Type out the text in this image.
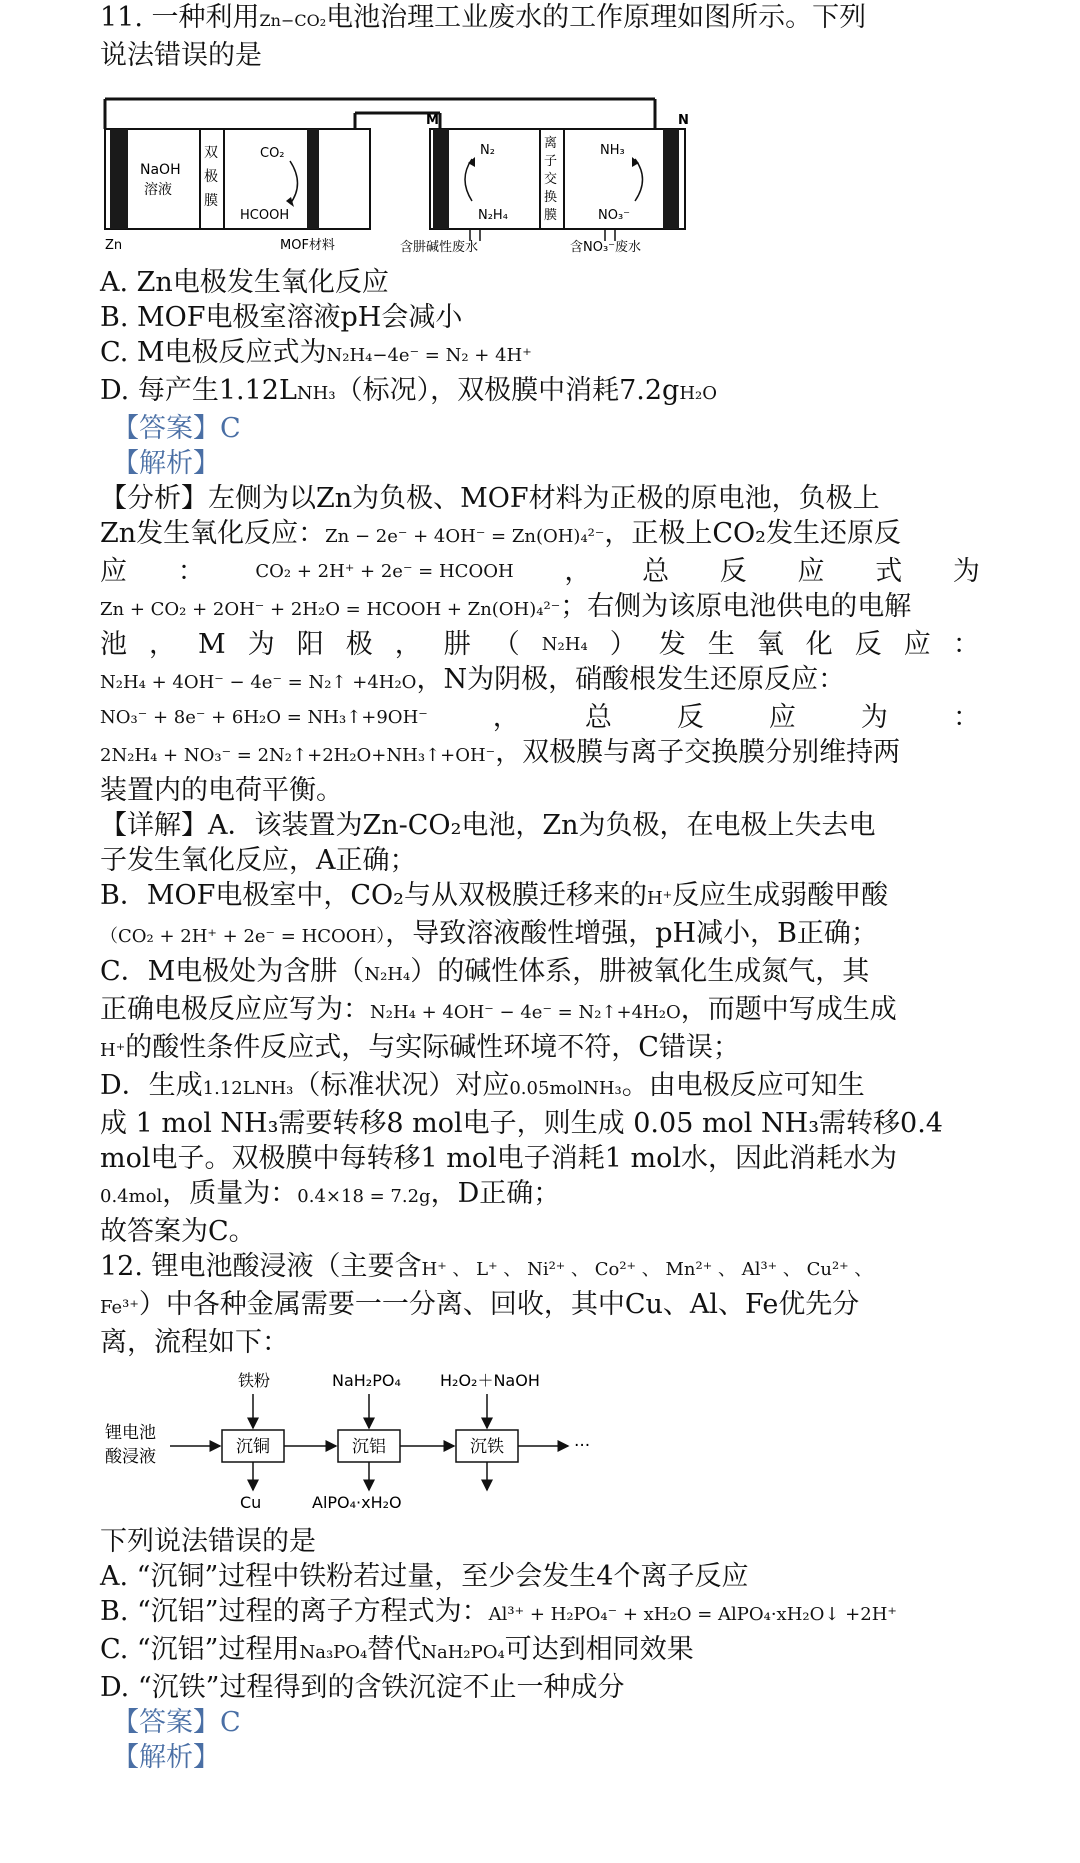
11. 一种利用Zn−CO₂电池治理工业废水的工作原理如图所示。下列
说法错误的是
NaOH
溶液
双
极
膜
CO₂
HCOOH
Zn	MOF材料
M	N
N₂
N₂H₄
离
子
交
换
膜
NH₃
NO₃⁻
含肼碱性废水	含NO₃⁻废水
A. Zn电极发生氧化反应
B. MOF电极室溶液pH会减小
C. M电极反应式为N₂H₄−4e⁻ = N₂ + 4H⁺
D. 每产生1.12LNH₃（标况），双极膜中消耗7.2gH₂O
【答案】C
【解析】
【分析】左侧为以Zn为负极、MOF材料为正极的原电池，负极上
Zn发生氧化反应：Zn − 2e⁻ + 4OH⁻ = Zn(OH)₄²⁻，正极上CO₂发生还原反
应 ：	CO₂ + 2H⁺ + 2e⁻ = HCOOH ， 总 反 应 式 为
Zn + CO₂ + 2OH⁻ + 2H₂O = HCOOH + Zn(OH)₄²⁻；右侧为该原电池供电的电解
池 ， M 为 阳 极 ， 肼 （ N₂H₄ ） 发 生 氧 化 反 应 ：
N₂H₄ + 4OH⁻ − 4e⁻ = N₂↑ +4H₂O，N为阴极，硝酸根发生还原反应：
NO₃⁻ + 8e⁻ + 6H₂O = NH₃↑+9OH⁻ ， 总 反 应 为 ：
2N₂H₄ + NO₃⁻ = 2N₂↑+2H₂O+NH₃↑+OH⁻，双极膜与离子交换膜分别维持两
装置内的电荷平衡。
【详解】A．该装置为Zn-CO₂电池，Zn为负极，在电极上失去电
子发生氧化反应，A正确；
B．MOF电极室中，CO₂与从双极膜迁移来的H⁺反应生成弱酸甲酸
（CO₂ + 2H⁺ + 2e⁻ = HCOOH），导致溶液酸性增强，pH减小，B正确；
C．M电极处为含肼（N₂H₄）的碱性体系，肼被氧化生成氮气，其
正确电极反应应写为：N₂H₄ + 4OH⁻ − 4e⁻ = N₂↑+4H₂O，而题中写成生成
H⁺的酸性条件反应式，与实际碱性环境不符，C错误；
D．生成1.12LNH₃（标准状况）对应0.05molNH₃。由电极反应可知生
成 1 mol NH₃需要转移8 mol电子，则生成 0.05 mol NH₃需转移0.4
mol电子。双极膜中每转移1 mol电子消耗1 mol水，因此消耗水为
0.4mol，质量为：0.4×18 = 7.2g，D正确；
故答案为C。
12. 锂电池酸浸液（主要含H⁺ 、 L⁺ 、 Ni²⁺ 、 Co²⁺ 、 Mn²⁺ 、 Al³⁺ 、 Cu²⁺ 、
Fe³⁺）中各种金属需要一一分离、回收，其中Cu、Al、Fe优先分
离，流程如下：
锂电池
酸浸液	沉铜	沉铝	沉铁	···
铁粉	NaH₂PO₄ H₂O₂＋NaOH
Cu	AlPO₄·xH₂O
下列说法错误的是
A. “沉铜”过程中铁粉若过量，至少会发生4个离子反应
B. “沉铝”过程的离子方程式为：Al³⁺ + H₂PO₄⁻ + xH₂O = AlPO₄·xH₂O↓ +2H⁺
C. “沉铝”过程用Na₃PO₄替代NaH₂PO₄可达到相同效果
D. “沉铁”过程得到的含铁沉淀不止一种成分
【答案】C
【解析】
